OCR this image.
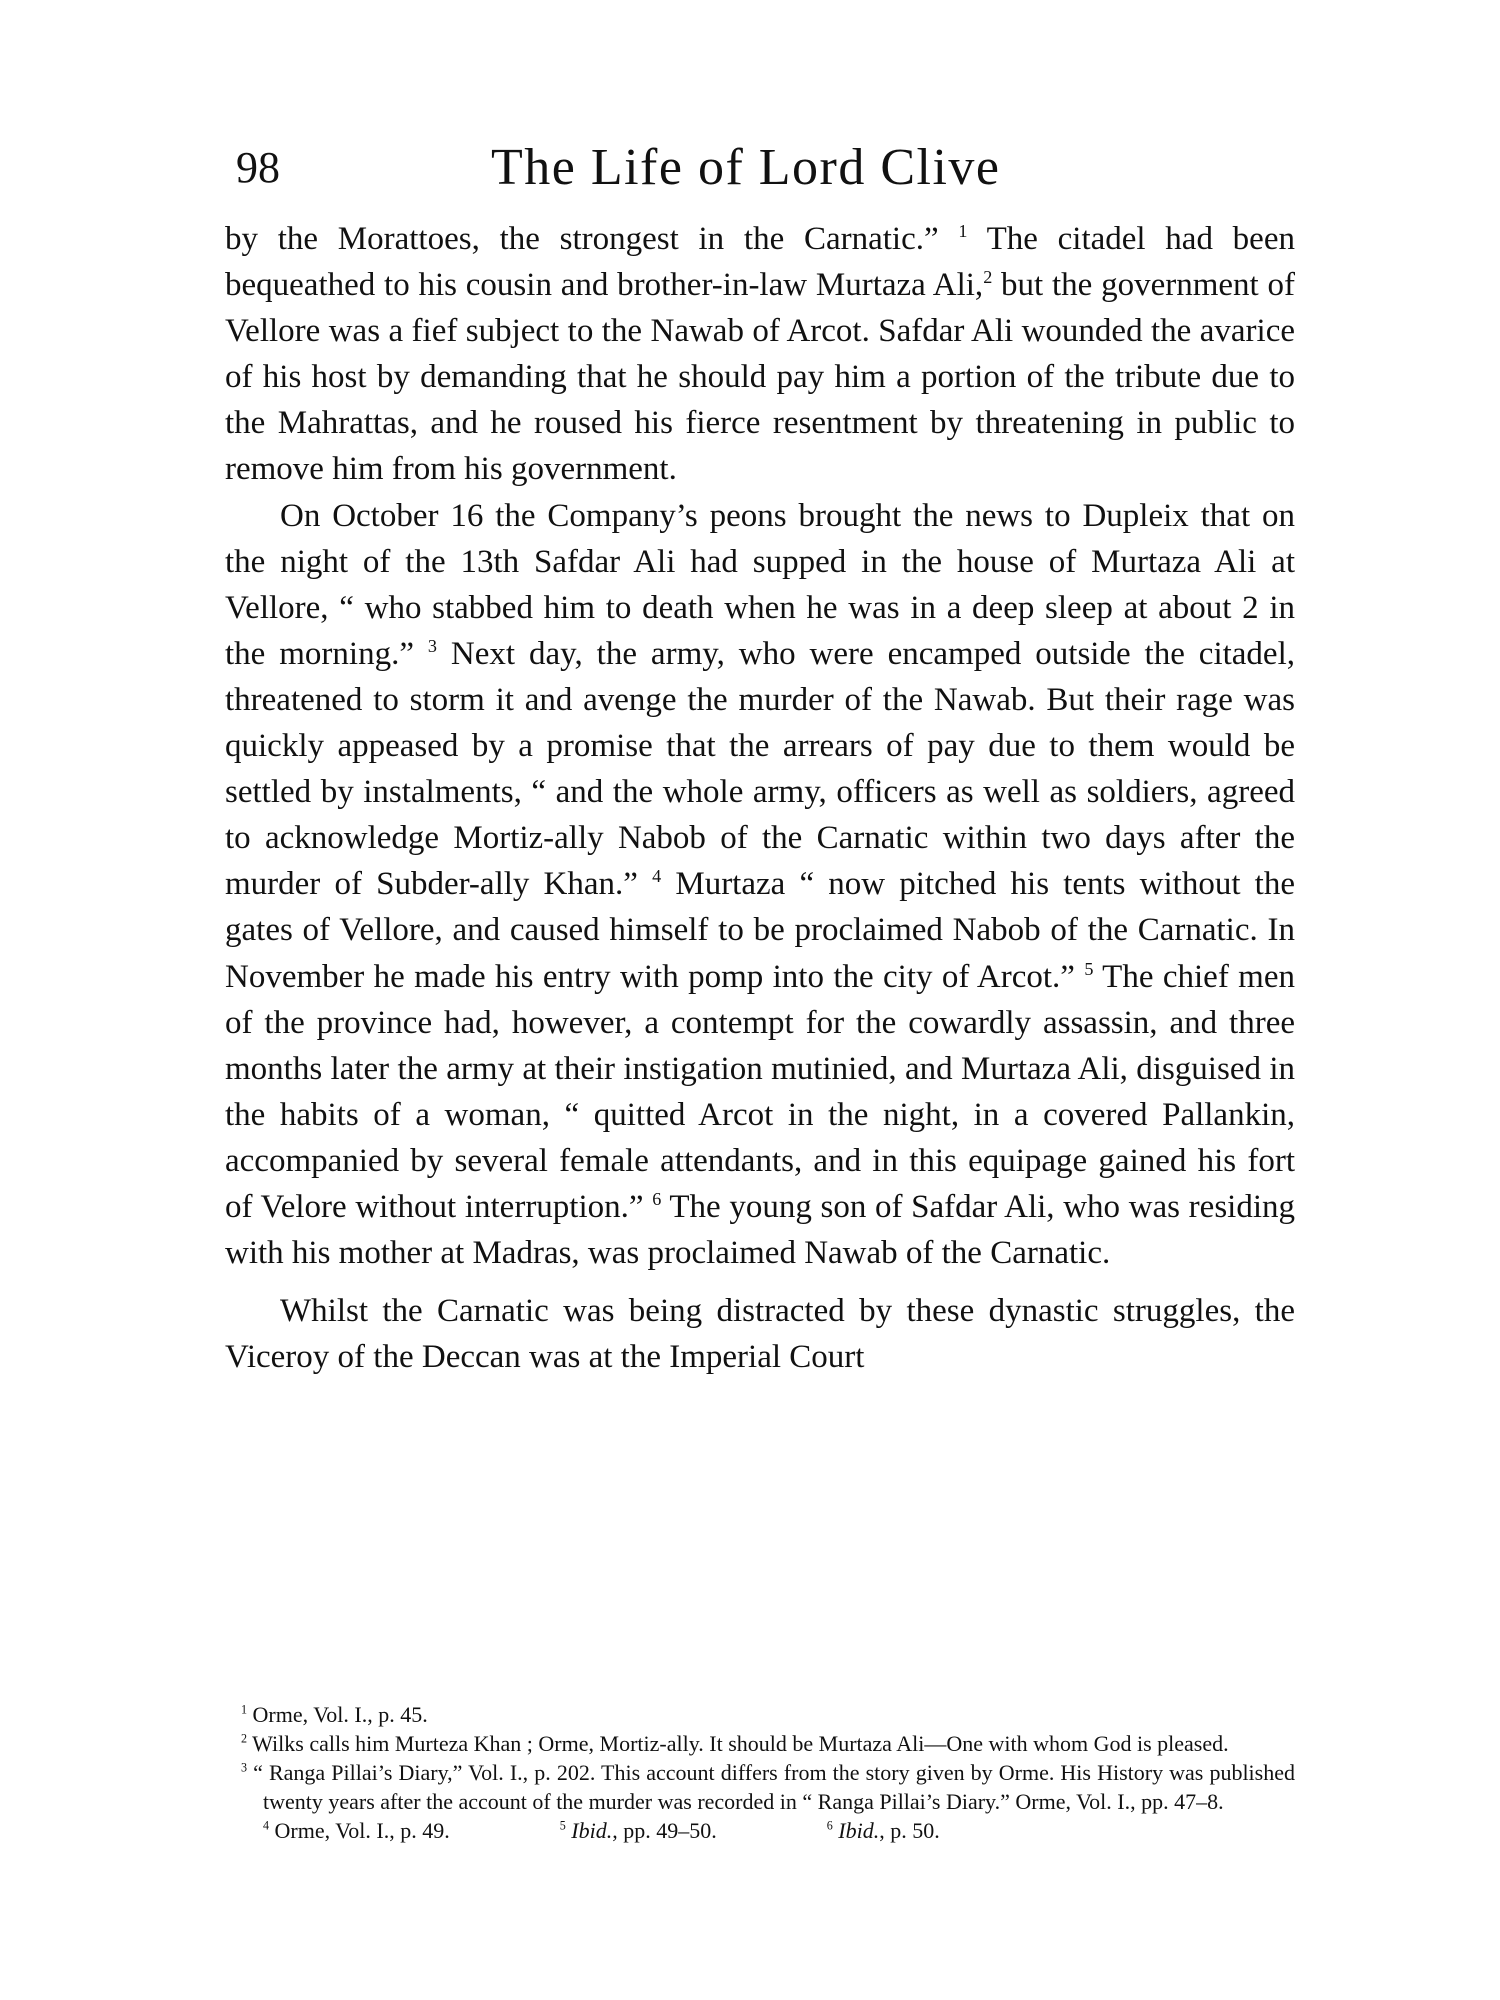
98	The Life of Lord Clive

by the Morattoes, the strongest in the Carnatic.” $^1$ The citadel had been bequeathed to his cousin and brother-in-law Murtaza Ali,$^2$ but the government of Vellore was a fief subject to the Nawab of Arcot. Safdar Ali wounded the avarice of his host by demanding that he should pay him a portion of the tribute due to the Mahrattas, and he roused his fierce resentment by threatening in public to remove him from his government.

On October 16 the Company’s peons brought the news to Dupleix that on the night of the 13th Safdar Ali had supped in the house of Murtaza Ali at Vellore, “ who stabbed him to death when he was in a deep sleep at about 2 in the morning.” $^3$ Next day, the army, who were encamped outside the citadel, threatened to storm it and avenge the murder of the Nawab. But their rage was quickly appeased by a promise that the arrears of pay due to them would be settled by instalments, “ and the whole army, officers as well as soldiers, agreed to acknowledge Mortiz-ally Nabob of the Carnatic within two days after the murder of Subder-ally Khan.” $^4$ Murtaza “ now pitched his tents without the gates of Vellore, and caused himself to be proclaimed Nabob of the Carnatic. In November he made his entry with pomp into the city of Arcot.” $^5$ The chief men of the province had, however, a contempt for the cowardly assassin, and three months later the army at their instigation mutinied, and Murtaza Ali, disguised in the habits of a woman, “ quitted Arcot in the night, in a covered Pallankin, accompanied by several female attendants, and in this equipage gained his fort of Velore without interruption.” $^6$ The young son of Safdar Ali, who was residing with his mother at Madras, was proclaimed Nawab of the Carnatic.

Whilst the Carnatic was being distracted by these dynastic struggles, the Viceroy of the Deccan was at the Imperial Court

$^1$ Orme, Vol. I., p. 45.

$^2$ Wilks calls him Murteza Khan ; Orme, Mortiz-ally. It should be Murtaza Ali—One with whom God is pleased.

$^3$ “ Ranga Pillai’s Diary,” Vol. I., p. 202. This account differs from the story given by Orme. His History was published twenty years after the account of the murder was recorded in “ Ranga Pillai’s Diary.” Orme, Vol. I., pp. 47–8.

$^4$ Orme, Vol. I., p. 49.	$^5$ Ibid., pp. 49–50.	$^6$ Ibid., p. 50.
